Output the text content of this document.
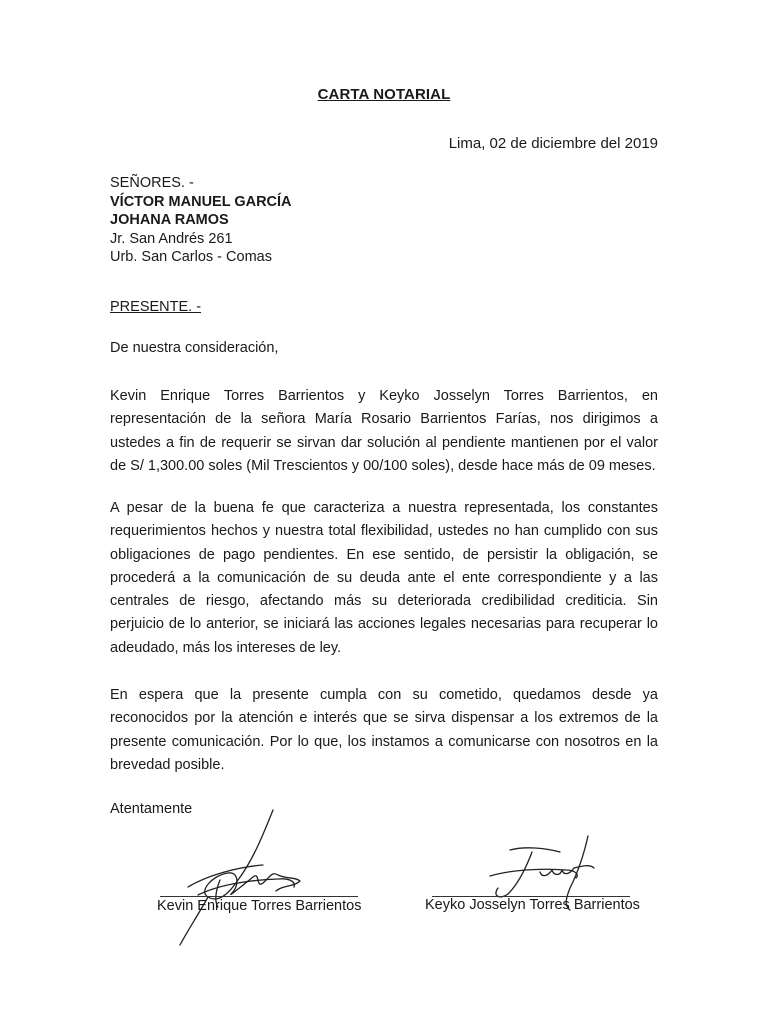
CARTA NOTARIAL
Lima, 02 de diciembre del 2019
SEÑORES. -
VÍCTOR MANUEL GARCÍA
JOHANA RAMOS
Jr. San Andrés 261
Urb. San Carlos - Comas
PRESENTE. -
De nuestra consideración,

Kevin Enrique Torres Barrientos y Keyko Josselyn Torres Barrientos, en representación de la señora María Rosario Barrientos Farías, nos dirigimos a ustedes a fin de requerir se sirvan dar solución al pendiente mantienen por el valor de S/ 1,300.00 soles (Mil Trescientos y 00/100 soles), desde hace más de 09 meses.

A pesar de la buena fe que caracteriza a nuestra representada, los constantes requerimientos hechos y nuestra total flexibilidad, ustedes no han cumplido con sus obligaciones de pago pendientes. En ese sentido, de persistir la obligación, se procederá a la comunicación de su deuda ante el ente correspondiente y a las centrales de riesgo, afectando más su deteriorada credibilidad crediticia. Sin perjuicio de lo anterior, se iniciará las acciones legales necesarias para recuperar lo adeudado, más los intereses de ley.

En espera que la presente cumpla con su cometido, quedamos desde ya reconocidos por la atención e interés que se sirva dispensar a los extremos de la presente comunicación. Por lo que, los instamos a comunicarse con nosotros en la brevedad posible.

Atentamente
Kevin Enrique Torres Barrientos	Keyko Josselyn Torres Barrientos
